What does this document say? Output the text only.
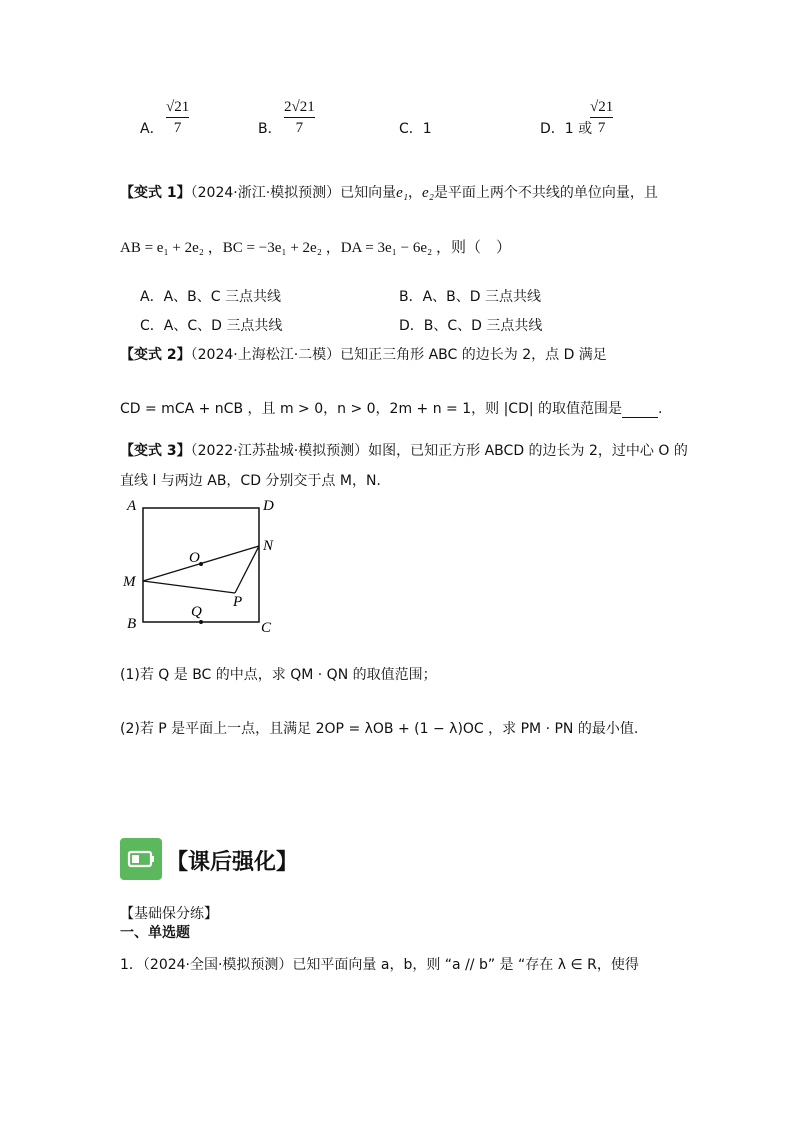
A．
√21
7	B．
2√21
7	C．1	D．1 或
√21
7
【变式 1】（2024·浙江·模拟预测）已知向量e₁，e₂是平面上两个不共线的单位向量，且
AB = e₁ + 2e₂ ，BC = −3e₁ + 2e₂ ，DA = 3e₁ − 6e₂ ，则（　）
A．A、B、C 三点共线	B．A、B、D 三点共线
C．A、C、D 三点共线	D．B、C、D 三点共线
【变式 2】（2024·上海松江·二模）已知正三角形 ABC 的边长为 2，点 D 满足
CD = mCA + nCB ，且 m > 0，n > 0，2m + n = 1，则 |CD| 的取值范围是	.
【变式 3】（2022·江苏盐城·模拟预测）如图，已知正方形 ABCD 的边长为 2，过中心 O 的
直线 l 与两边 AB，CD 分别交于点 M，N.
A	D
N
M
O
P
Q
B	C
(1)若 Q 是 BC 的中点，求 QM · QN 的取值范围；
(2)若 P 是平面上一点，且满足 2OP = λOB + (1 − λ)OC ，求 PM · PN 的最小值.
【课后强化】
【基础保分练】
一、单选题
1．（2024·全国·模拟预测）已知平面向量 a，b，则 “a // b” 是 “存在 λ ∈ R，使得
